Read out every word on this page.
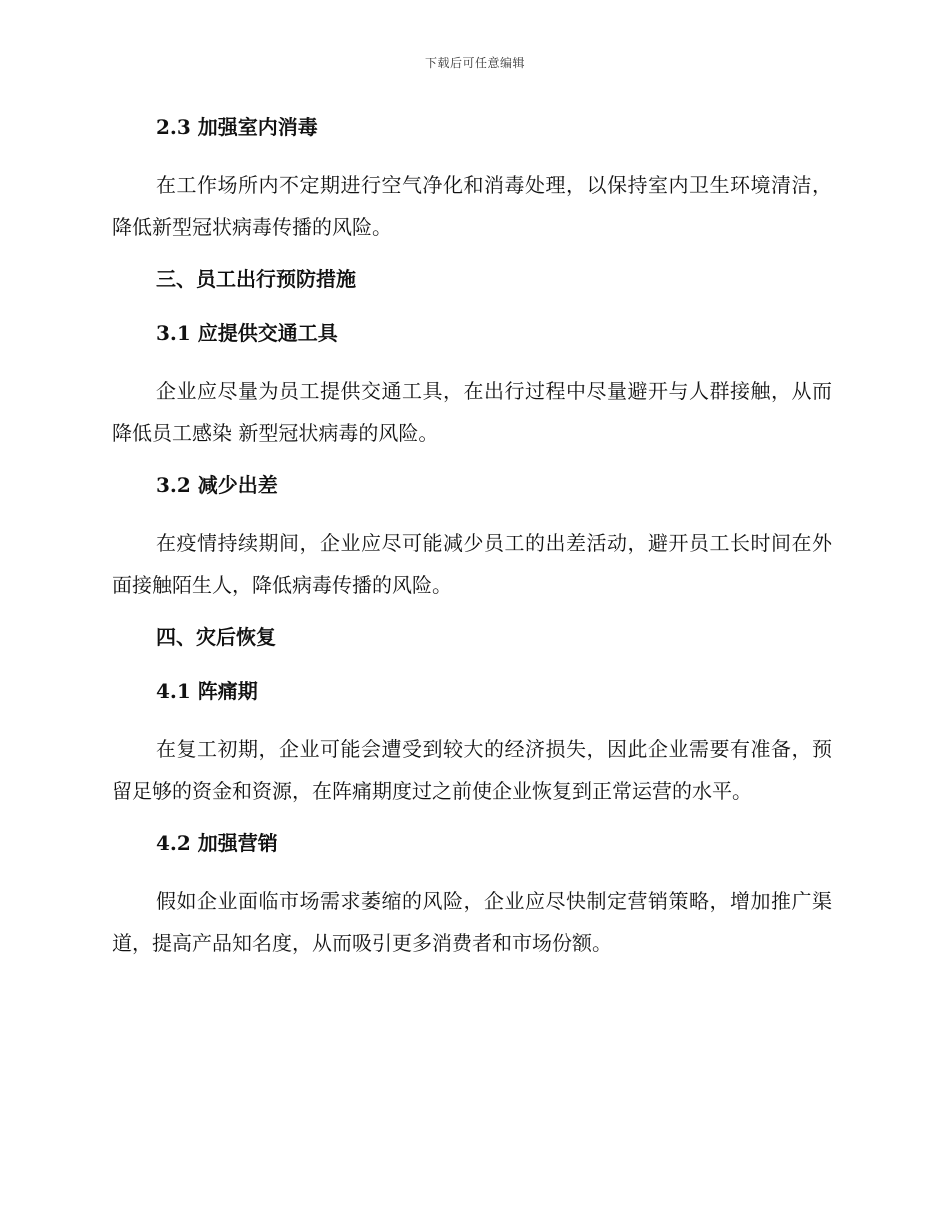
下载后可任意编辑
2.3 加强室内消毒

在工作场所内不定期进行空气净化和消毒处理，以保持室内卫生环境清洁，降低新型冠状病毒传播的风险。

三、员工出行预防措施
3.1 应提供交通工具

企业应尽量为员工提供交通工具，在出行过程中尽量避开与人群接触，从而降低员工感染 新型冠状病毒的风险。

3.2 减少出差

在疫情持续期间，企业应尽可能减少员工的出差活动，避开员工长时间在外面接触陌生人，降低病毒传播的风险。

四、灾后恢复
4.1 阵痛期

在复工初期，企业可能会遭受到较大的经济损失，因此企业需要有准备，预留足够的资金和资源，在阵痛期度过之前使企业恢复到正常运营的水平。

4.2 加强营销

假如企业面临市场需求萎缩的风险，企业应尽快制定营销策略，增加推广渠道，提高产品知名度，从而吸引更多消费者和市场份额。
